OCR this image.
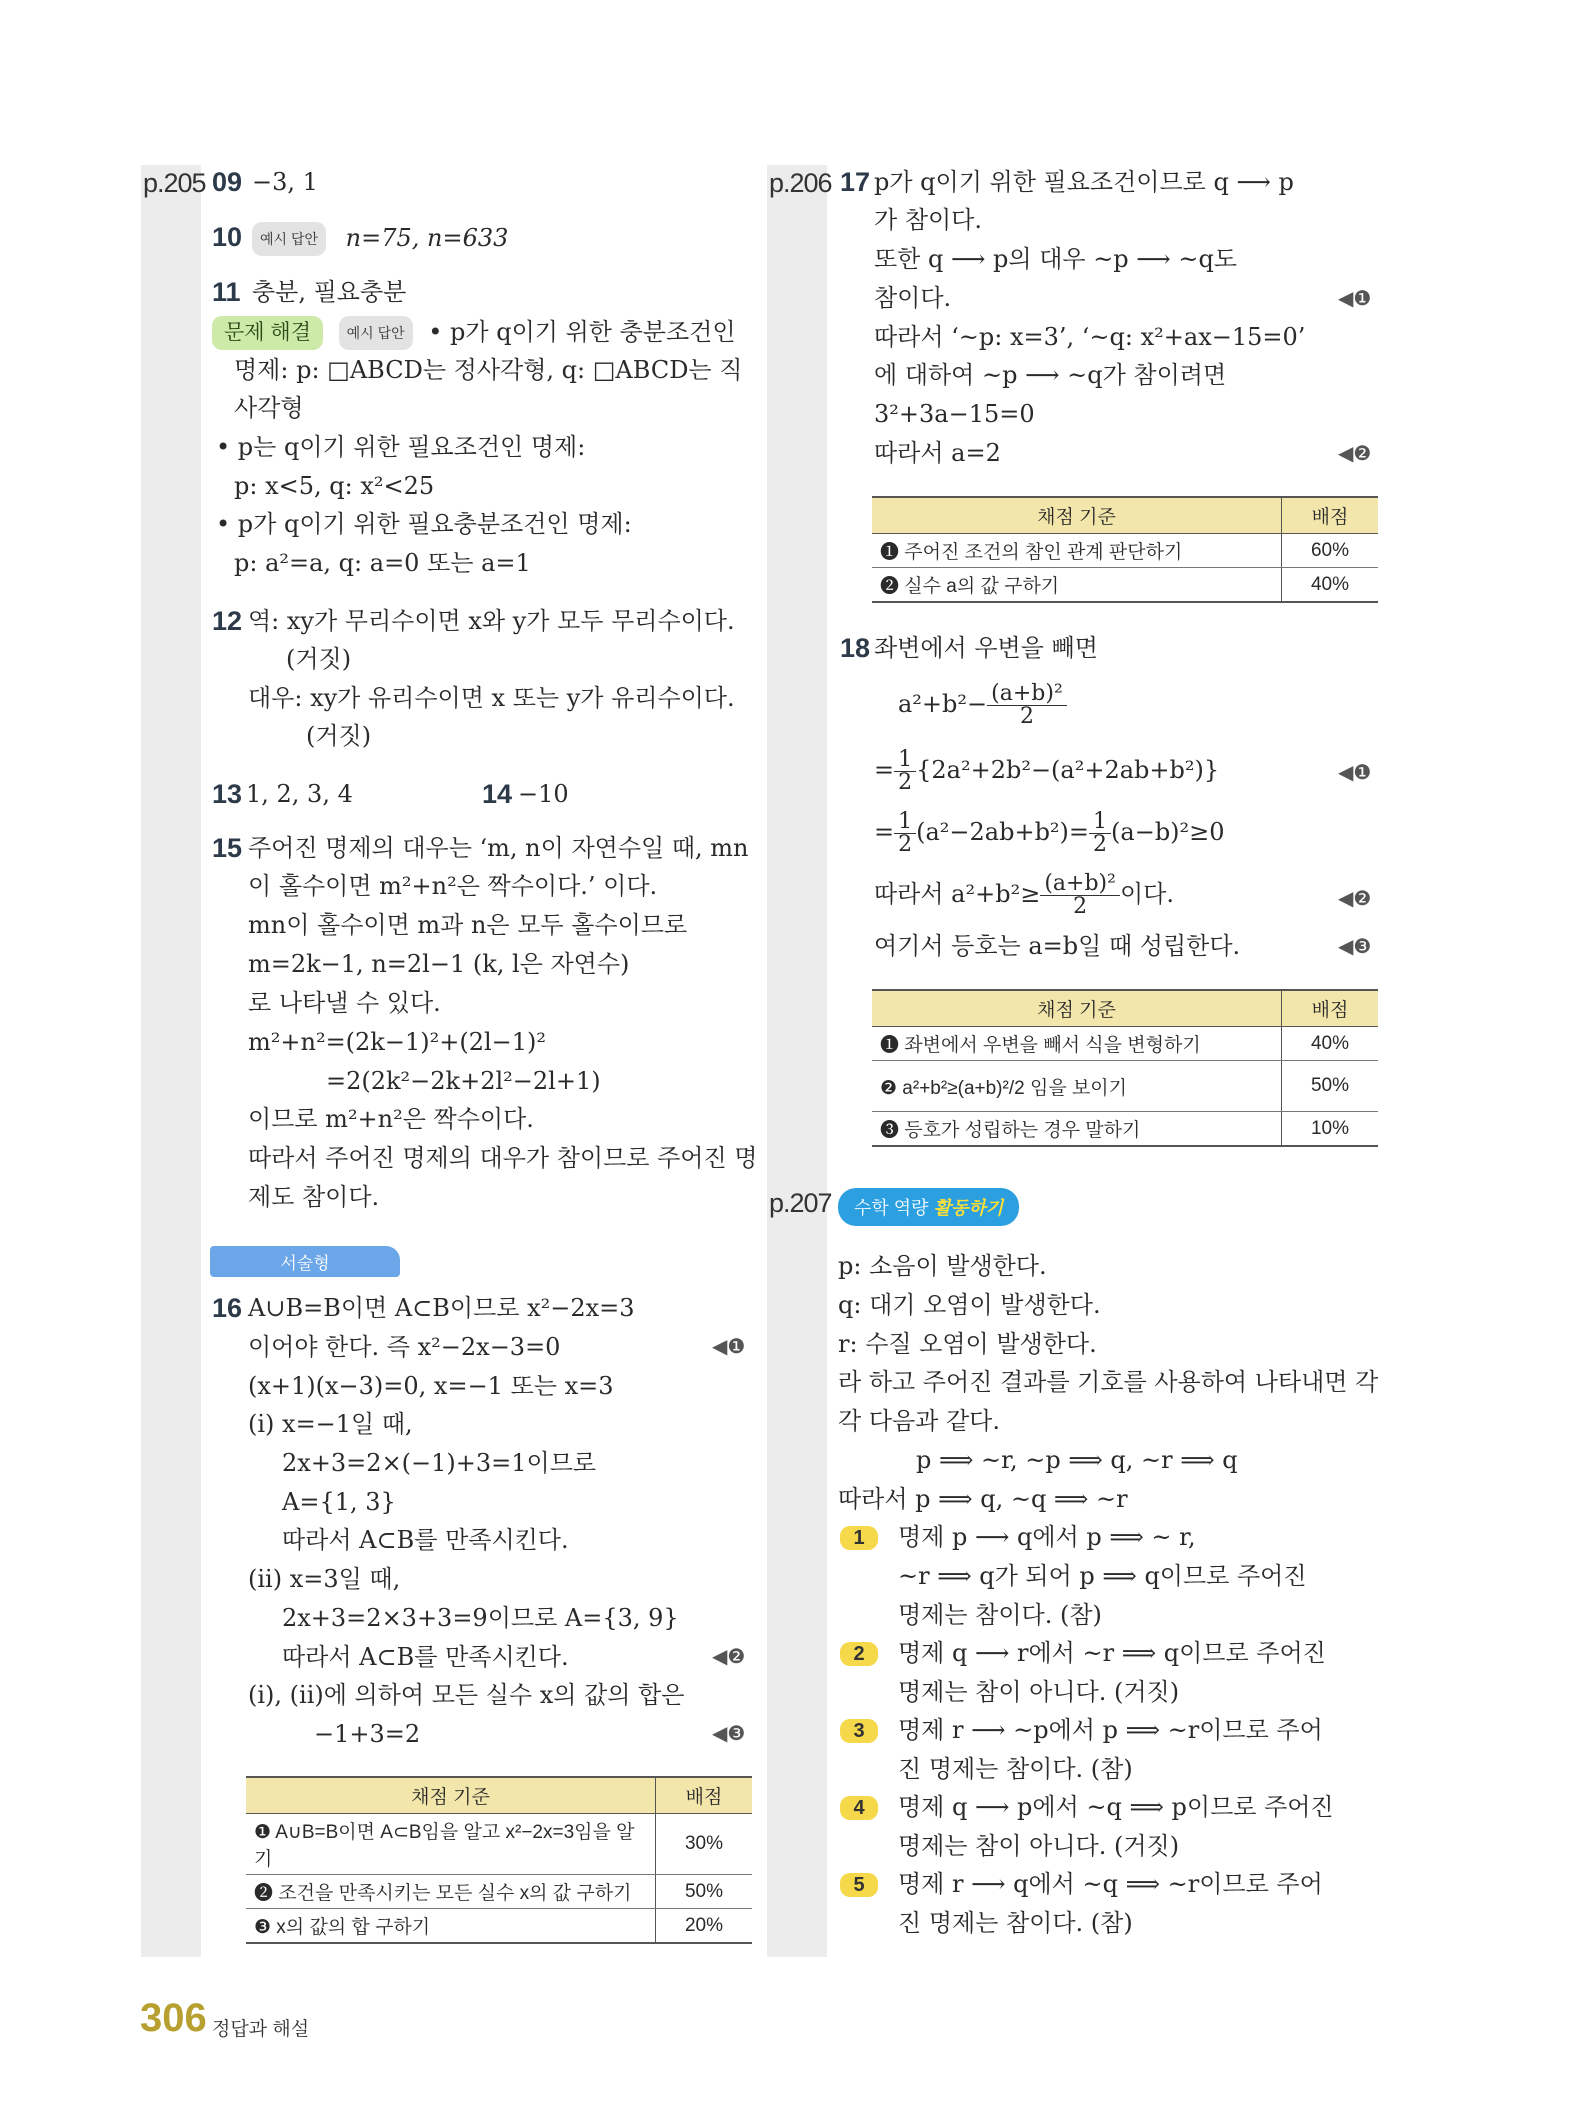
p.205	p.206
p.207
09 −3, 1
10	예시 답안 n=75, n=633
11 충분, 필요충분
문제 해결	예시 답안 • p가 q이기 위한 충분조건인
명제: p: □ABCD는 정사각형, q: □ABCD는 직
사각형
• p는 q이기 위한 필요조건인 명제:
p: x<5, q: x²<25
• p가 q이기 위한 필요충분조건인 명제:
p: a²=a, q: a=0 또는 a=1
12 역: xy가 무리수이면 x와 y가 모두 무리수이다.
(거짓)
대우: xy가 유리수이면 x 또는 y가 유리수이다.
(거짓)
13 1, 2, 3, 4	14 −10
15 주어진 명제의 대우는 ‘m, n이 자연수일 때, mn
이 홀수이면 m²+n²은 짝수이다.’ 이다.
mn이 홀수이면 m과 n은 모두 홀수이므로
m=2k−1, n=2l−1 (k, l은 자연수)
로 나타낼 수 있다.
m²+n²=(2k−1)²+(2l−1)²
=2(2k²−2k+2l²−2l+1)
이므로 m²+n²은 짝수이다.
따라서 주어진 명제의 대우가 참이므로 주어진 명
제도 참이다.
서술형
16 A∪B=B이면 A⊂B이므로 x²−2x=3
이어야 한다. 즉 x²−2x−3=0	◀❶
(x+1)(x−3)=0, x=−1 또는 x=3
(i) x=−1일 때,
2x+3=2×(−1)+3=1이므로
A={1, 3}
따라서 A⊂B를 만족시킨다.
(ii) x=3일 때,
2x+3=2×3+3=9이므로 A={3, 9}
따라서 A⊂B를 만족시킨다.	◀❷
(i), (ii)에 의하여 모든 실수 x의 값의 합은
−1+3=2	◀❸
채점 기준	배점
❶ A∪B=B이면 A⊂B임을 알고 x²−2x=3임을 알기	30%
❷ 조건을 만족시키는 모든 실수 x의 값 구하기	50%
❸ x의 값의 합 구하기	20%
17 p가 q이기 위한 필요조건이므로 q ⟶ p
가 참이다.
또한 q ⟶ p의 대우 ~p ⟶ ~q도
참이다.	◀❶
따라서 ‘~p: x=3’, ‘~q: x²+ax−15=0’
에 대하여 ~p ⟶ ~q가 참이려면
3²+3a−15=0
따라서 a=2	◀❷
채점 기준	배점
❶ 주어진 조건의 참인 관계 판단하기	60%
❷ 실수 a의 값 구하기	40%
18 좌변에서 우변을 빼면
$a^2+b^2- \frac{\text{(a+b)²}}{2}$
= $\frac{1}{2} \{2a^2+2b^2-(a^2+2ab+b^2)\}$	◀❶
= $\frac{1}{2} (a^2-2ab+b^2)= \frac{1}{2} (a-b)^2\ge 0$
따라서 $a^2+b^2\ge \frac{\text{(a+b)²}}{2}$ 이다.	◀❷
여기서 등호는 a=b일 때 성립한다.	◀❸
채점 기준	배점
❶ 좌변에서 우변을 빼서 식을 변형하기	40%
❷ a²+b²≥(a+b)²/2 임을 보이기	50%
❸ 등호가 성립하는 경우 말하기	10%
수학 역량 활동하기
p: 소음이 발생한다.
q: 대기 오염이 발생한다.
r: 수질 오염이 발생한다.
라 하고 주어진 결과를 기호를 사용하여 나타내면 각
각 다음과 같다.
p ⟹ ~r, ~p ⟹ q, ~r ⟹ q
따라서 p ⟹ q, ~q ⟹ ~r
1	명제 p ⟶ q에서 p ⟹ ~ r,
~r ⟹ q가 되어 p ⟹ q이므로 주어진
명제는 참이다. (참)
2	명제 q ⟶ r에서 ~r ⟹ q이므로 주어진
명제는 참이 아니다. (거짓)
3	명제 r ⟶ ~p에서 p ⟹ ~r이므로 주어
진 명제는 참이다. (참)
4	명제 q ⟶ p에서 ~q ⟹ p이므로 주어진
명제는 참이 아니다. (거짓)
5	명제 r ⟶ q에서 ~q ⟹ ~r이므로 주어
진 명제는 참이다. (참)
306 정답과 해설
